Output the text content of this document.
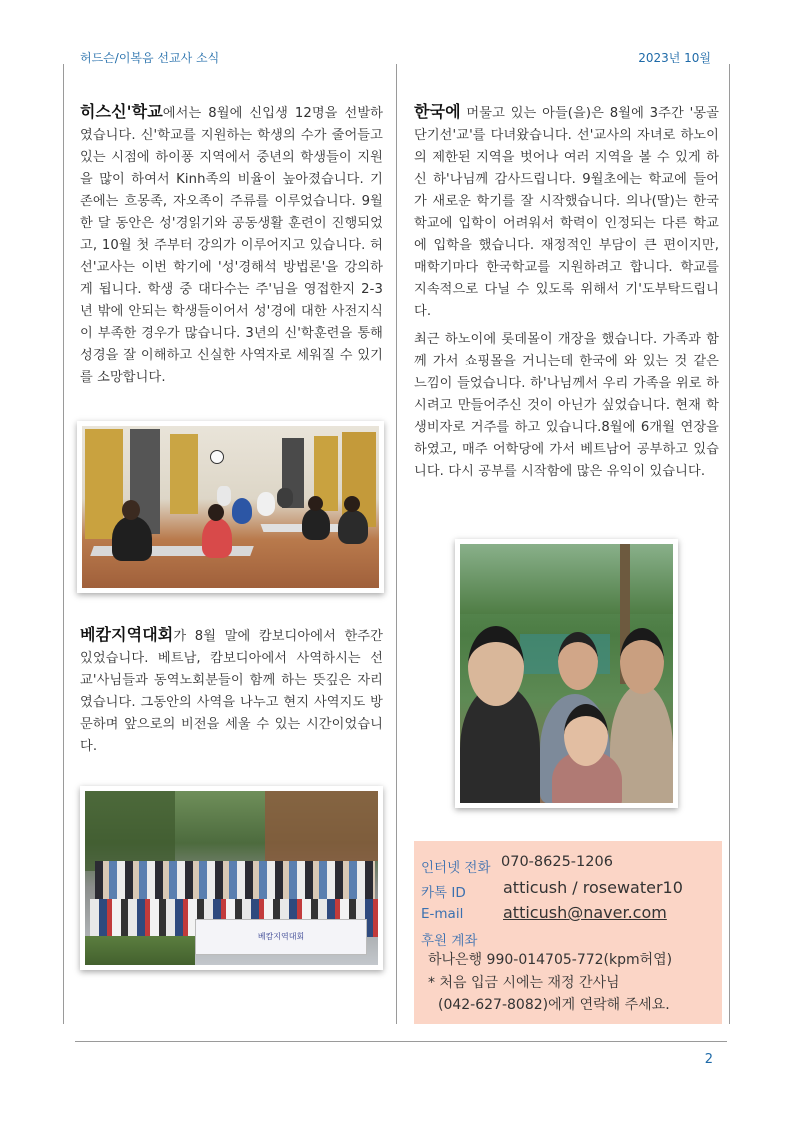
허드슨/이복음 선교사 소식	2023년 10월

히스신'학교에서는 8월에 신입생 12명을 선발하였습니다. 신'학교를 지원하는 학생의 수가 줄어들고 있는 시점에 하이퐁 지역에서 중년의 학생들이 지원을 많이 하여서 Kinh족의 비율이 높아졌습니다. 기존에는 흐몽족, 자오족이 주류를 이루었습니다. 9월 한 달 동안은 성'경읽기와 공동생활 훈련이 진행되었고, 10월 첫 주부터 강의가 이루어지고 있습니다. 허선'교사는 이번 학기에 '성'경해석 방법론'을 강의하게 됩니다. 학생 중 대다수는 주'님을 영접한지 2-3년 밖에 안되는 학생들이어서 성'경에 대한 사전지식이 부족한 경우가 많습니다. 3년의 신'학훈련을 통해 성경을 잘 이해하고 신실한 사역자로 세워질 수 있기를 소망합니다.

베캄지역대회가 8월 말에 캄보디아에서 한주간 있었습니다. 베트남, 캄보디아에서 사역하시는 선교'사님들과 동역노회분들이 함께 하는 뜻깊은 자리였습니다. 그동안의 사역을 나누고 현지 사역지도 방문하며 앞으로의 비전을 세울 수 있는 시간이었습니다.

베캄지역대회

한국에 머물고 있는 아들(을)은 8월에 3주간 '몽골단기선'교'를 다녀왔습니다. 선'교사의 자녀로 하노이의 제한된 지역을 벗어나 여러 지역을 볼 수 있게 하신 하'나님께 감사드립니다. 9월초에는 학교에 들어가 새로운 학기를 잘 시작했습니다. 의나(딸)는 한국학교에 입학이 어려워서 학력이 인정되는 다른 학교에 입학을 했습니다. 재정적인 부담이 큰 편이지만, 매학기마다 한국학교를 지원하려고 합니다. 학교를 지속적으로 다닐 수 있도록 위해서 기'도부탁드립니다.

최근 하노이에 롯데몰이 개장을 했습니다. 가족과 함께 가서 쇼핑몰을 거니는데 한국에 와 있는 것 같은 느낌이 들었습니다. 하'나님께서 우리 가족을 위로 하시려고 만들어주신 것이 아닌가 싶었습니다. 현재 학생비자로 거주를 하고 있습니다.8월에 6개월 연장을 하였고, 매주 어학당에 가서 베트남어 공부하고 있습니다. 다시 공부를 시작함에 많은 유익이 있습니다.

인터넷 전화 070-8625-1206
카톡 ID atticush / rosewater10
E-mail atticush@naver.com
후원 계좌
하나은행 990-014705-772(kpm허엽)
* 처음 입금 시에는 재정 간사님
(042-627-8082)에게 연락해 주세요.
2
